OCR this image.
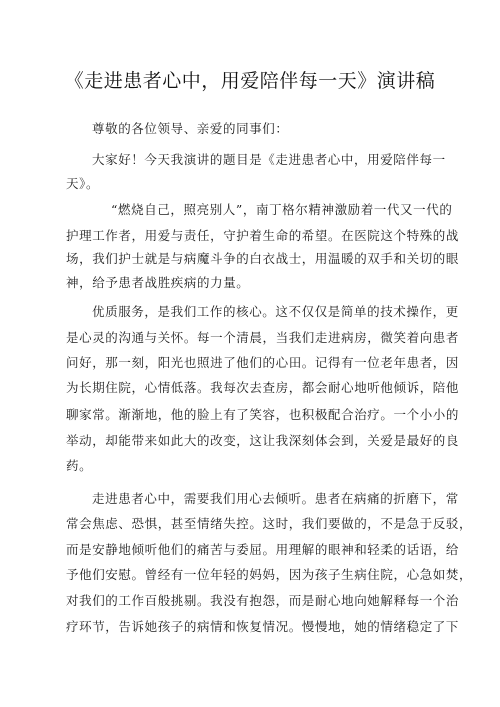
《走进患者心中，用爱陪伴每一天》演讲稿
尊敬的各位领导、亲爱的同事们：
大家好！今天我演讲的题目是《走进患者心中，用爱陪伴每一
天》。
“燃烧自己，照亮别人”，南丁格尔精神激励着一代又一代的
护理工作者，用爱与责任，守护着生命的希望。在医院这个特殊的战
场，我们护士就是与病魔斗争的白衣战士，用温暖的双手和关切的眼
神，给予患者战胜疾病的力量。
优质服务，是我们工作的核心。这不仅仅是简单的技术操作，更
是心灵的沟通与关怀。每一个清晨，当我们走进病房，微笑着向患者
问好，那一刻，阳光也照进了他们的心田。记得有一位老年患者，因
为长期住院，心情低落。我每次去查房，都会耐心地听他倾诉，陪他
聊家常。渐渐地，他的脸上有了笑容，也积极配合治疗。一个小小的
举动，却能带来如此大的改变，这让我深刻体会到，关爱是最好的良
药。
走进患者心中，需要我们用心去倾听。患者在病痛的折磨下，常
常会焦虑、恐惧，甚至情绪失控。这时，我们要做的，不是急于反驳，
而是安静地倾听他们的痛苦与委屈。用理解的眼神和轻柔的话语，给
予他们安慰。曾经有一位年轻的妈妈，因为孩子生病住院，心急如焚，
对我们的工作百般挑剔。我没有抱怨，而是耐心地向她解释每一个治
疗环节，告诉她孩子的病情和恢复情况。慢慢地，她的情绪稳定了下
